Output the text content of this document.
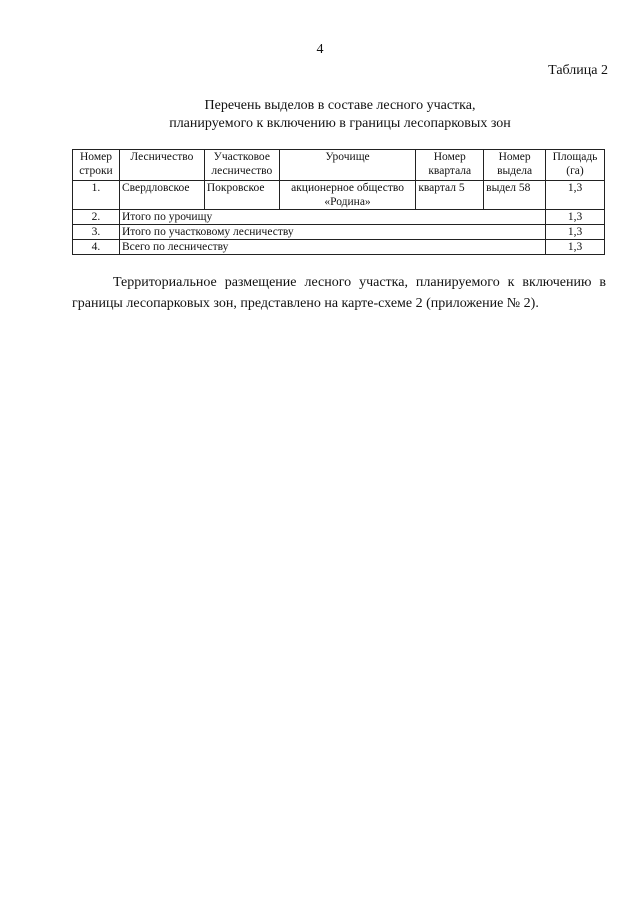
4
Таблица 2
Перечень выделов в составе лесного участка,
планируемого к включению в границы лесопарковых зон
Номер строки	Лесничество	Участковое лесничество	Урочище	Номер квартала	Номер выдела	Площадь (га)
1.	Свердловское	Покровское	акционерное общество
«Родина»	квартал 5	выдел 58	1,3
2.	Итого по урочищу					1,3
3.	Итого по участковому лесничеству					1,3
4.	Всего по лесничеству					1,3
Территориальное размещение лесного участка, планируемого к включению в границы лесопарковых зон, представлено на карте-схеме 2 (приложение № 2).
